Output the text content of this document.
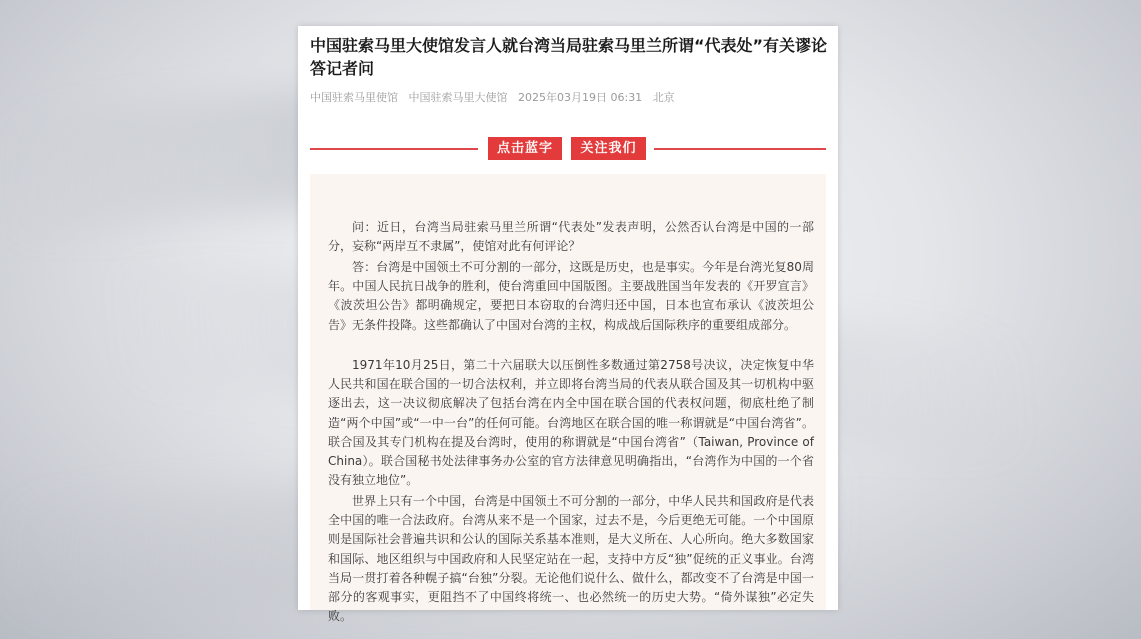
中国驻索马里大使馆发言人就台湾当局驻索马里兰所谓“代表处”有关谬论答记者问
中国驻索马里使馆 中国驻索马里大使馆 2025年03月19日 06:31 北京
点击蓝字	关注我们

问：近日，台湾当局驻索马里兰所谓“代表处”发表声明，公然否认台湾是中国的一部分，妄称“两岸互不隶属”，使馆对此有何评论？

答：台湾是中国领土不可分割的一部分，这既是历史，也是事实。今年是台湾光复80周年。中国人民抗日战争的胜利，使台湾重回中国版图。主要战胜国当年发表的《开罗宣言》《波茨坦公告》都明确规定，要把日本窃取的台湾归还中国，日本也宣布承认《波茨坦公告》无条件投降。这些都确认了中国对台湾的主权，构成战后国际秩序的重要组成部分。

1971年10月25日，第二十六届联大以压倒性多数通过第2758号决议，决定恢复中华人民共和国在联合国的一切合法权利，并立即将台湾当局的代表从联合国及其一切机构中驱逐出去，这一决议彻底解决了包括台湾在内全中国在联合国的代表权问题，彻底杜绝了制造“两个中国”或“一中一台”的任何可能。台湾地区在联合国的唯一称谓就是“中国台湾省”。联合国及其专门机构在提及台湾时，使用的称谓就是“中国台湾省”（Taiwan, Province of China）。联合国秘书处法律事务办公室的官方法律意见明确指出，“台湾作为中国的一个省没有独立地位”。

世界上只有一个中国，台湾是中国领土不可分割的一部分，中华人民共和国政府是代表全中国的唯一合法政府。台湾从来不是一个国家，过去不是，今后更绝无可能。一个中国原则是国际社会普遍共识和公认的国际关系基本准则，是大义所在、人心所向。绝大多数国家和国际、地区组织与中国政府和人民坚定站在一起，支持中方反“独”促统的正义事业。台湾当局一贯打着各种幌子搞“台独”分裂。无论他们说什么、做什么，都改变不了台湾是中国一部分的客观事实，更阻挡不了中国终将统一、也必然统一的历史大势。“倚外谋独”必定失败。
